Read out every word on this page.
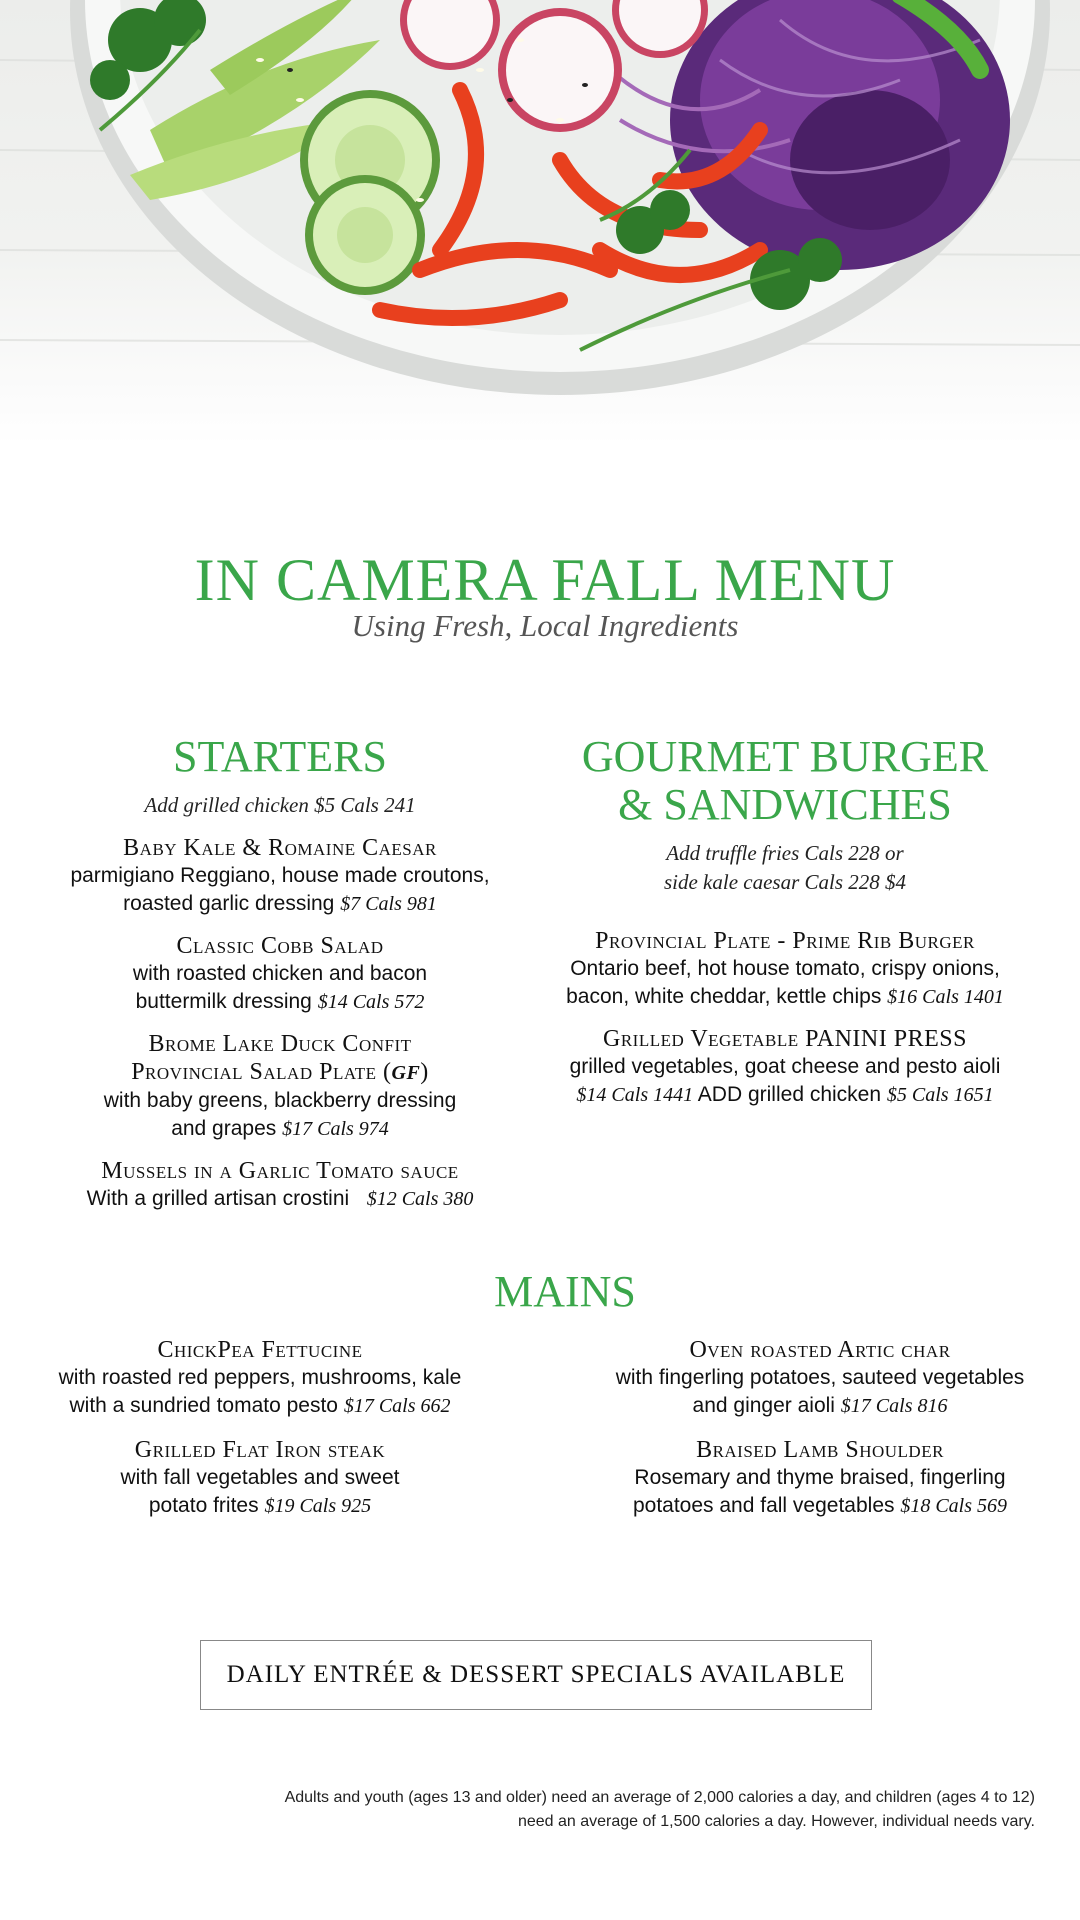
IN CAMERA FALL MENU
Using Fresh, Local Ingredients
STARTERS
Add grilled chicken $5 Cals 241
Baby Kale & Romaine Caesar
parmigiano Reggiano, house made croutons,
roasted garlic dressing $7 Cals 981
Classic Cobb Salad
with roasted chicken and bacon
buttermilk dressing $14 Cals 572
Brome Lake Duck Confit
Provincial Salad Plate (GF)
with baby greens, blackberry dressing
and grapes $17 Cals 974
Mussels in a Garlic Tomato sauce
With a grilled artisan crostini $12 Cals 380
GOURMET BURGER
& SANDWICHES
Add truffle fries Cals 228 or
side kale caesar Cals 228 $4
Provincial Plate - Prime Rib Burger
Ontario beef, hot house tomato, crispy onions,
bacon, white cheddar, kettle chips $16 Cals 1401
Grilled Vegetable PANINI PRESS
grilled vegetables, goat cheese and pesto aioli
$14 Cals 1441 ADD grilled chicken $5 Cals 1651
MAINS
ChickPea Fettucine
with roasted red peppers, mushrooms, kale
with a sundried tomato pesto $17 Cals 662
Grilled Flat Iron steak
with fall vegetables and sweet
potato frites $19 Cals 925
Oven roasted Artic char
with fingerling potatoes, sauteed vegetables
and ginger aioli $17 Cals 816
Braised Lamb Shoulder
Rosemary and thyme braised, fingerling
potatoes and fall vegetables $18 Cals 569
DAILY ENTRÉE & DESSERT SPECIALS AVAILABLE
Adults and youth (ages 13 and older) need an average of 2,000 calories a day, and children (ages 4 to 12)
need an average of 1,500 calories a day. However, individual needs vary.
